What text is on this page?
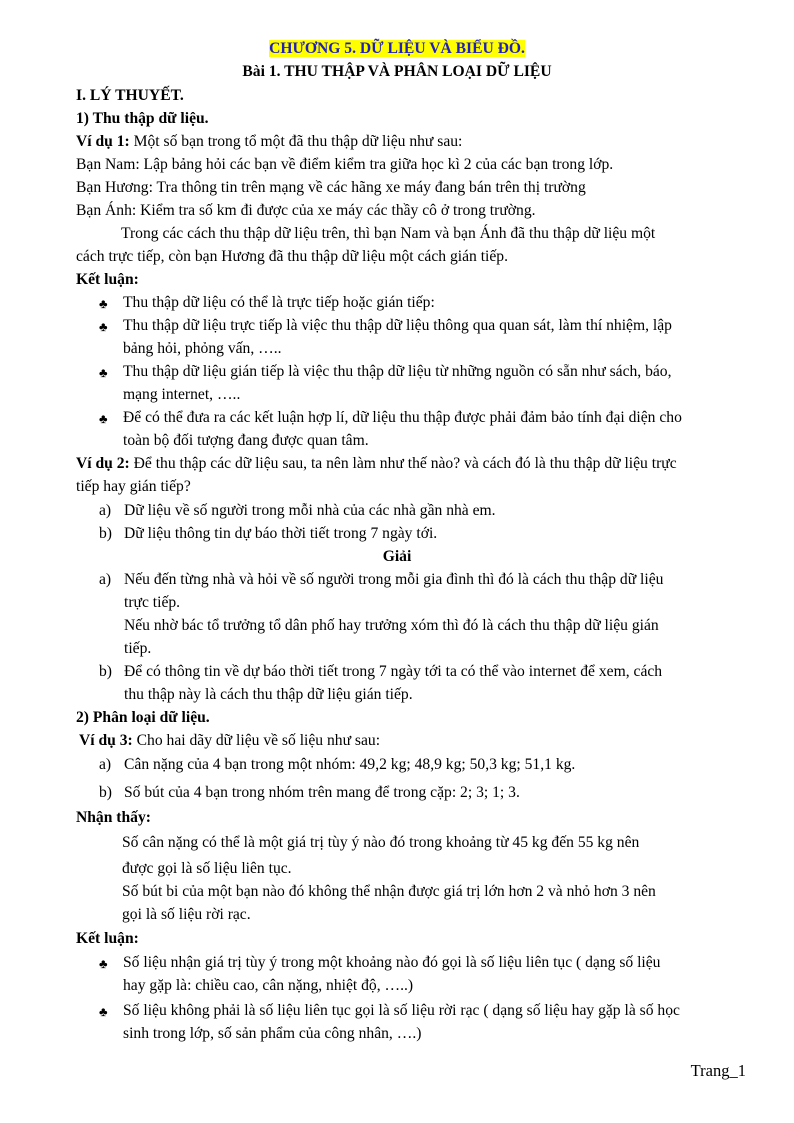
CHƯƠNG 5. DỮ LIỆU VÀ BIỂU ĐỒ.
Bài 1. THU THẬP VÀ PHÂN LOẠI DỮ LIỆU
I. LÝ THUYẾT.
1) Thu thập dữ liệu.
Ví dụ 1: Một số bạn trong tổ một đã thu thập dữ liệu như sau:
Bạn Nam: Lập bảng hỏi các bạn về điểm kiểm tra giữa học kì 2 của các bạn trong lớp.
Bạn Hương: Tra thông tin trên mạng về các hãng xe máy đang bán trên thị trường
Bạn Ánh: Kiểm tra số km đi được của xe máy các thầy cô ở trong trường.
Trong các cách thu thập dữ liệu trên, thì bạn Nam và bạn Ánh đã thu thập dữ liệu một
cách trực tiếp, còn bạn Hương đã thu thập dữ liệu một cách gián tiếp.
Kết luận:
♣ Thu thập dữ liệu có thể là trực tiếp hoặc gián tiếp:
♣ Thu thập dữ liệu trực tiếp là việc thu thập dữ liệu thông qua quan sát, làm thí nhiệm, lập
bảng hỏi, phỏng vấn, …..
♣ Thu thập dữ liệu gián tiếp là việc thu thập dữ liệu từ những nguồn có sẵn như sách, báo,
mạng internet, …..
♣ Để có thể đưa ra các kết luận hợp lí, dữ liệu thu thập được phải đảm bảo tính đại diện cho
toàn bộ đối tượng đang được quan tâm.
Ví dụ 2: Để thu thập các dữ liệu sau, ta nên làm như thế nào? và cách đó là thu thập dữ liệu trực
tiếp hay gián tiếp?
a) Dữ liệu về số người trong mỗi nhà của các nhà gần nhà em.
b) Dữ liệu thông tin dự báo thời tiết trong 7 ngày tới.
Giải
a) Nếu đến từng nhà và hỏi về số người trong mỗi gia đình thì đó là cách thu thập dữ liệu
trực tiếp.
Nếu nhờ bác tổ trưởng tổ dân phố hay trưởng xóm thì đó là cách thu thập dữ liệu gián
tiếp.
b) Để có thông tin về dự báo thời tiết trong 7 ngày tới ta có thể vào internet để xem, cách
thu thập này là cách thu thập dữ liệu gián tiếp.
2) Phân loại dữ liệu.
Ví dụ 3: Cho hai dãy dữ liệu về số liệu như sau:
a) Cân nặng của 4 bạn trong một nhóm: 49,2 kg; 48,9 kg; 50,3 kg; 51,1 kg.
b) Số bút của 4 bạn trong nhóm trên mang để trong cặp: 2; 3; 1; 3.
Nhận thấy:
Số cân nặng có thể là một giá trị tùy ý nào đó trong khoảng từ 45 kg đến 55 kg nên
được gọi là số liệu liên tục.
Số bút bi của một bạn nào đó không thể nhận được giá trị lớn hơn 2 và nhỏ hơn 3 nên
gọi là số liệu rời rạc.
Kết luận:
♣ Số liệu nhận giá trị tùy ý trong một khoảng nào đó gọi là số liệu liên tục ( dạng số liệu
hay gặp là: chiều cao, cân nặng, nhiệt độ, …..)
♣ Số liệu không phải là số liệu liên tục gọi là số liệu rời rạc ( dạng số liệu hay gặp là số học
sinh trong lớp, số sản phẩm của công nhân, ….)
Trang_1
